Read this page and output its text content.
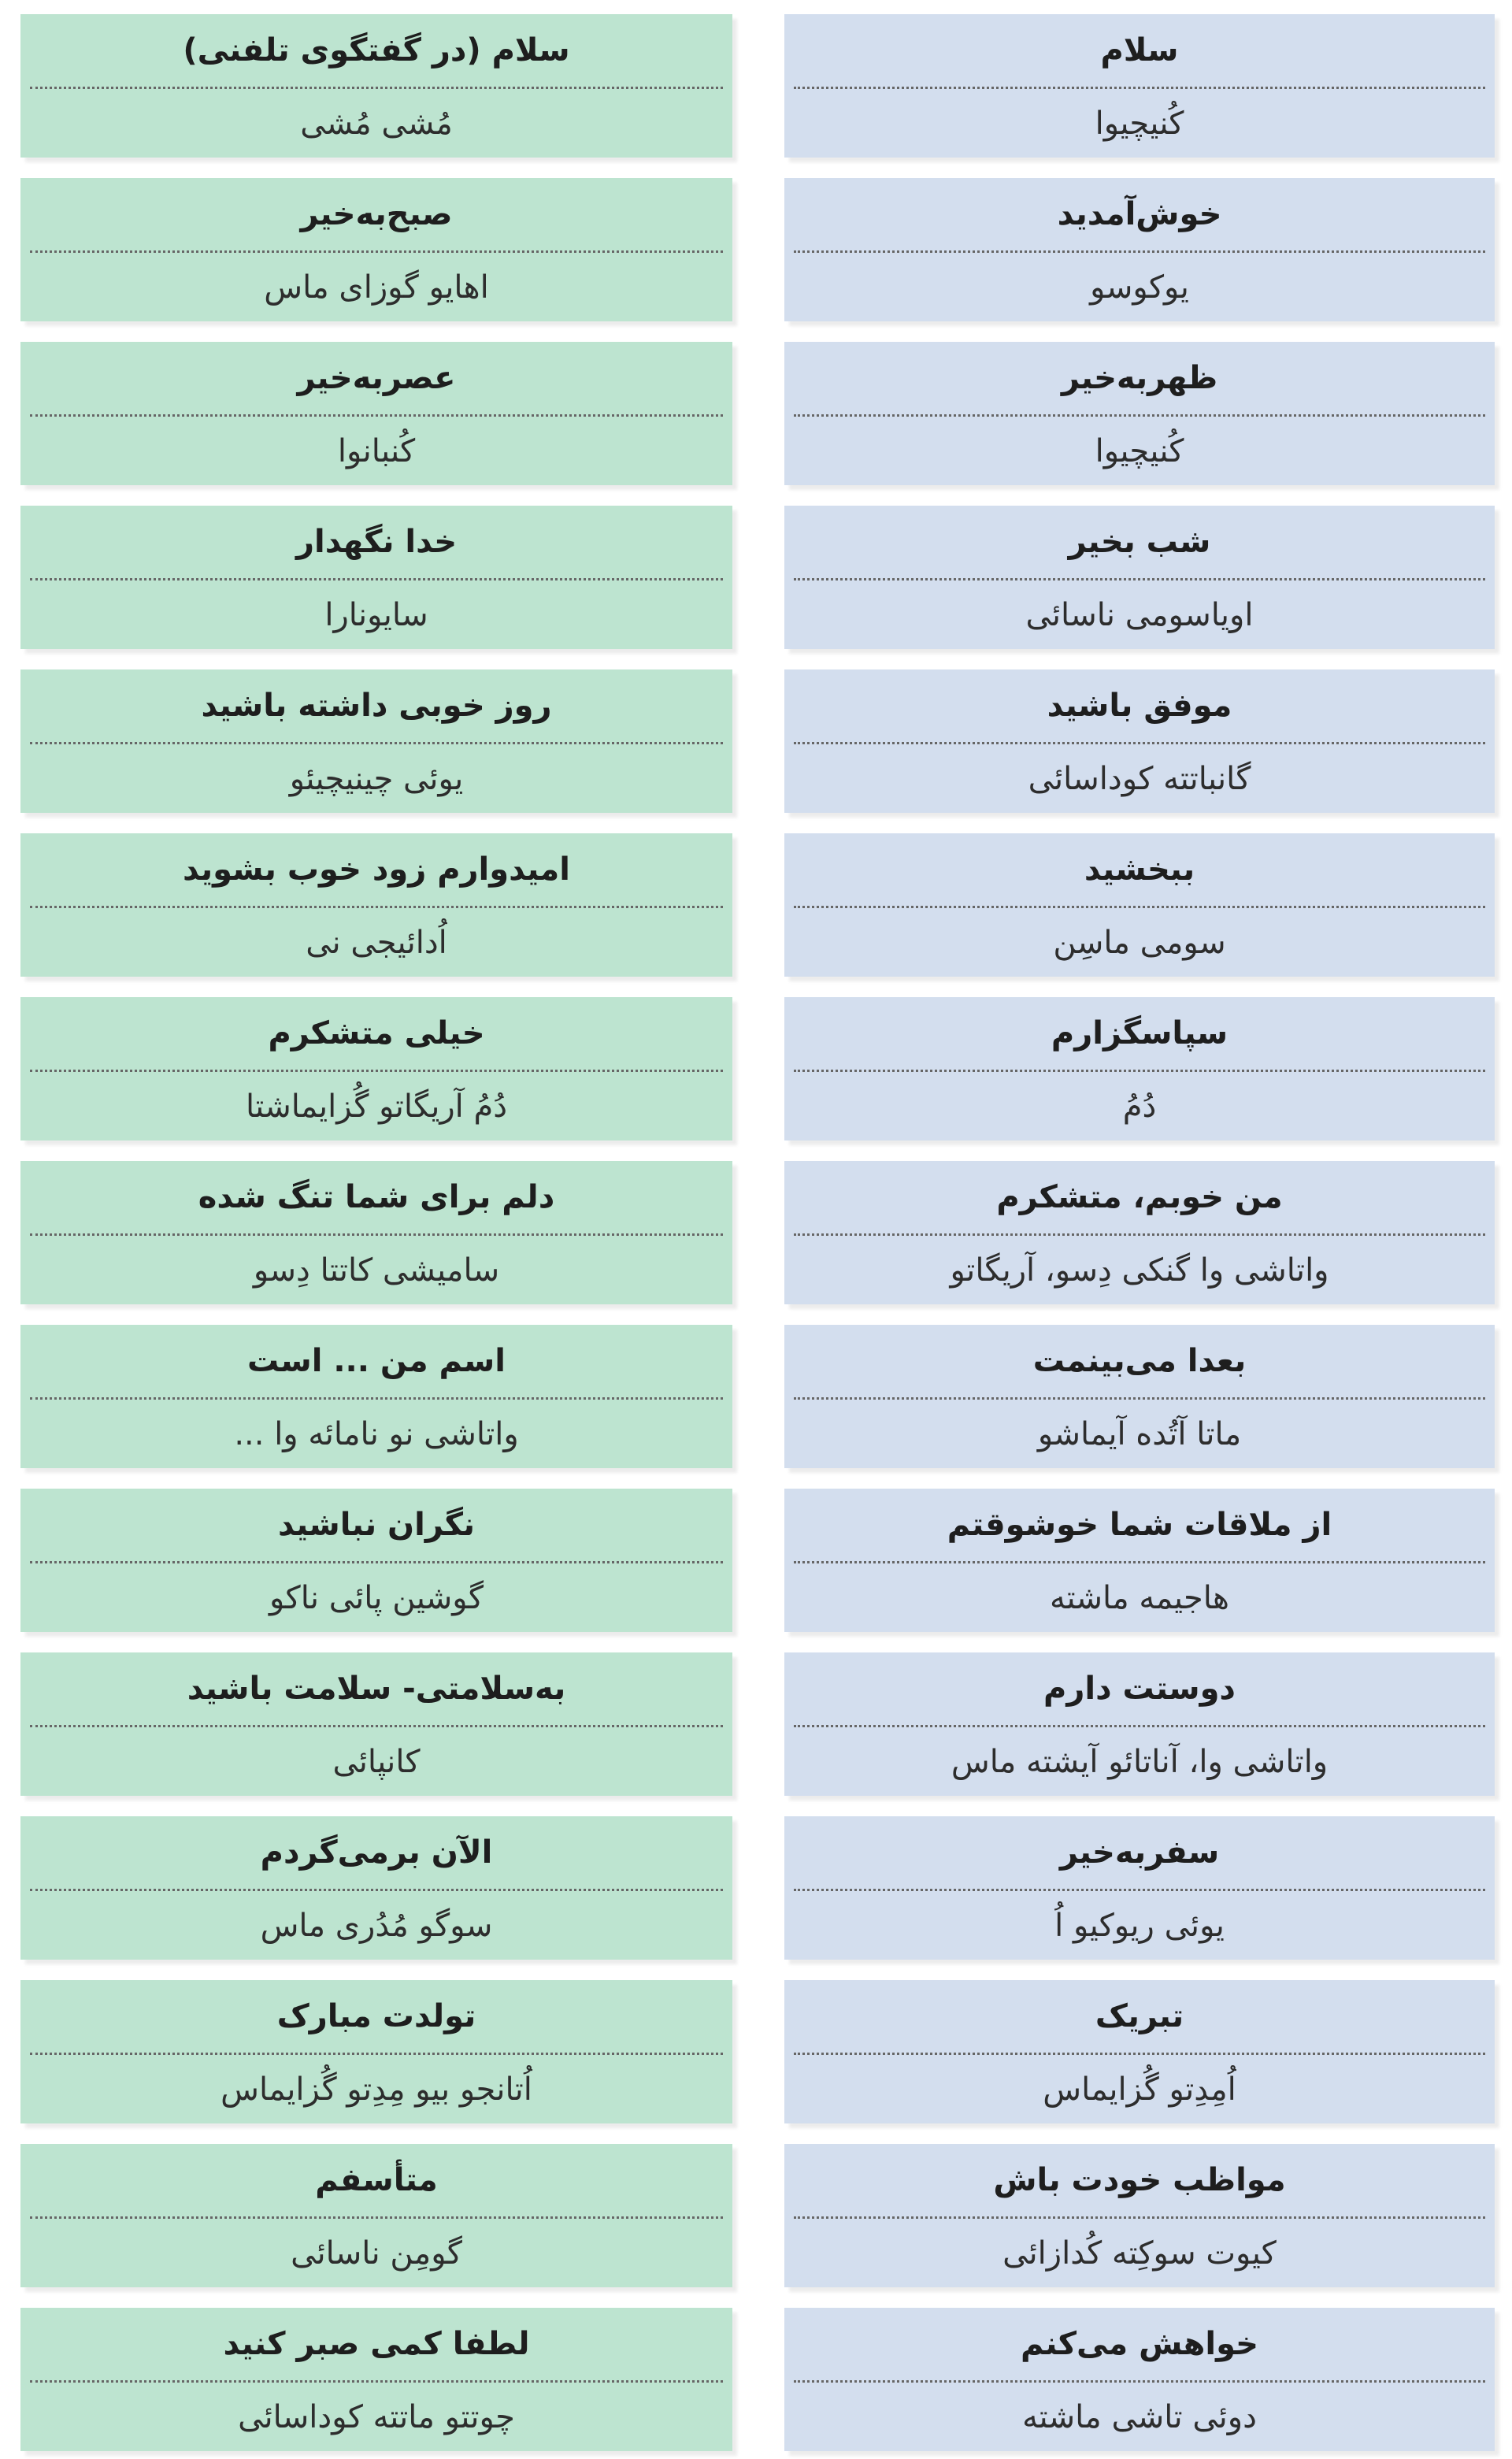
سلام
کُنیچیوا
سلام (در گفتگوی تلفنی)
مُشی مُشی
خوش‌آمدید
یوکوسو
صبح‌به‌خیر
اهایو گوزای ماس
ظهربه‌خیر
کُنیچیوا
عصربه‌خیر
کُنبانوا
شب بخیر
اویاسومی ناسائی
خدا نگهدار
سایونارا
موفق باشید
گانباتته کوداسائی
روز خوبی داشته باشید
یوئی چینیچیئو
ببخشید
سومی ماسِن
امیدوارم زود خوب بشوید
اُدائیجی نی
سپاسگزارم
دُمُ
خیلی متشکرم
دُمُ آریگاتو گُزایماشتا
من خوبم، متشکرم
واتاشی وا گنکی دِسو، آریگاتو
دلم برای شما تنگ شده
سامیشی کاتتا دِسو
بعدا می‌بینمت
ماتا آتُده آیماشو
اسم من ... است
واتاشی نو نامائه وا ...
از ملاقات شما خوشوقتم
هاجیمه ماشته
نگران نباشید
گوشین پائی ناکو
دوستت دارم
واتاشی وا، آناتائو آیشته ماس
به‌سلامتی- سلامت باشید
کانپائی
سفربه‌خیر
یوئی ریوکیو اُ
الآن برمی‌گردم
سوگو مُدُری ماس
تبریک
اُمِدِتو گُزایماس
تولدت مبارک
اُتانجو بیو مِدِتو گُزایماس
مواظب خودت باش
کیوت سوکِته کُدازائی
متأسفم
گومِن ناسائی
خواهش می‌کنم
دوئی تاشی ماشته
لطفا کمی صبر کنید
چوتتو ماتته کوداسائی
